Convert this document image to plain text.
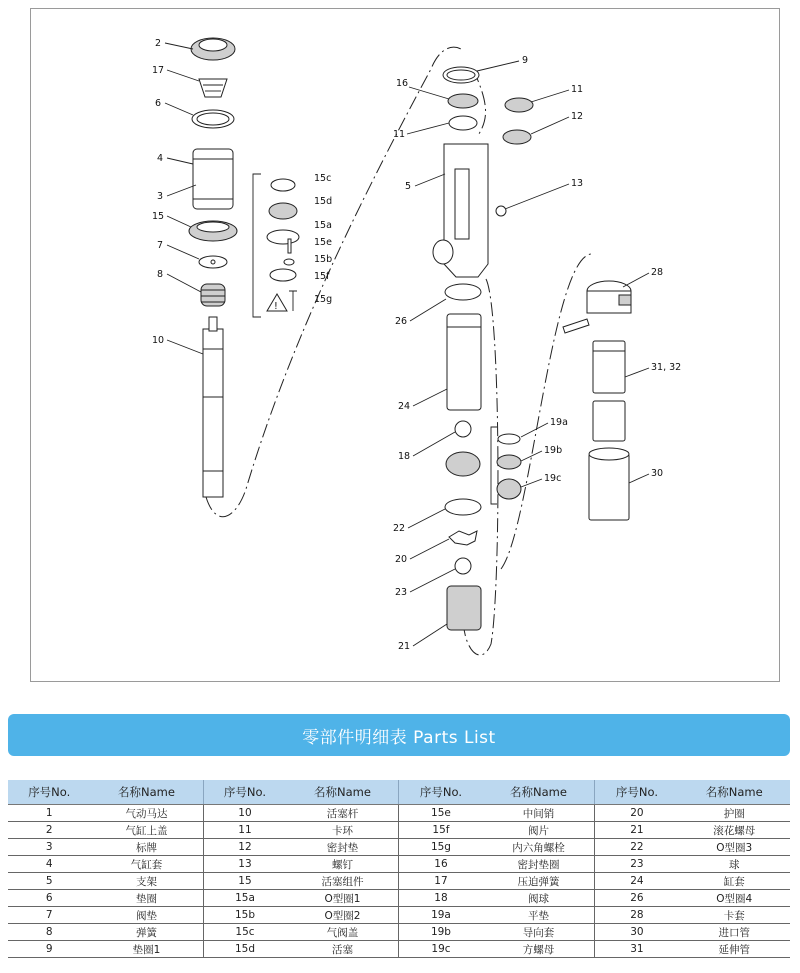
!
2
17
6
4
3
15
7
8
10
15c
15d
15a
15e
15b
15f
15g
9
16
11
11
12
5	13
26
24
18
19a
19b
19c
22
20
23
21
28
31, 32
30
零部件明细表 Parts List
序号No.	名称Name	序号No.	名称Name	序号No.	名称Name	序号No.	名称Name
1	气动马达	10	活塞杆	15e	中间销	20	护圈
2	气缸上盖	11	卡环	15f	阀片	21	滚花螺母
3	标牌	12	密封垫	15g	内六角螺栓	22	O型圈3
4	气缸套	13	螺钉	16	密封垫圈	23	球
5	支架	15	活塞组件	17	压迫弹簧	24	缸套
6	垫圈	15a	O型圈1	18	阀球	26	O型圈4
7	阀垫	15b	O型圈2	19a	平垫	28	卡套
8	弹簧	15c	气阀盖	19b	导向套	30	进口管
9	垫圈1	15d	活塞	19c	方螺母	31	延伸管
